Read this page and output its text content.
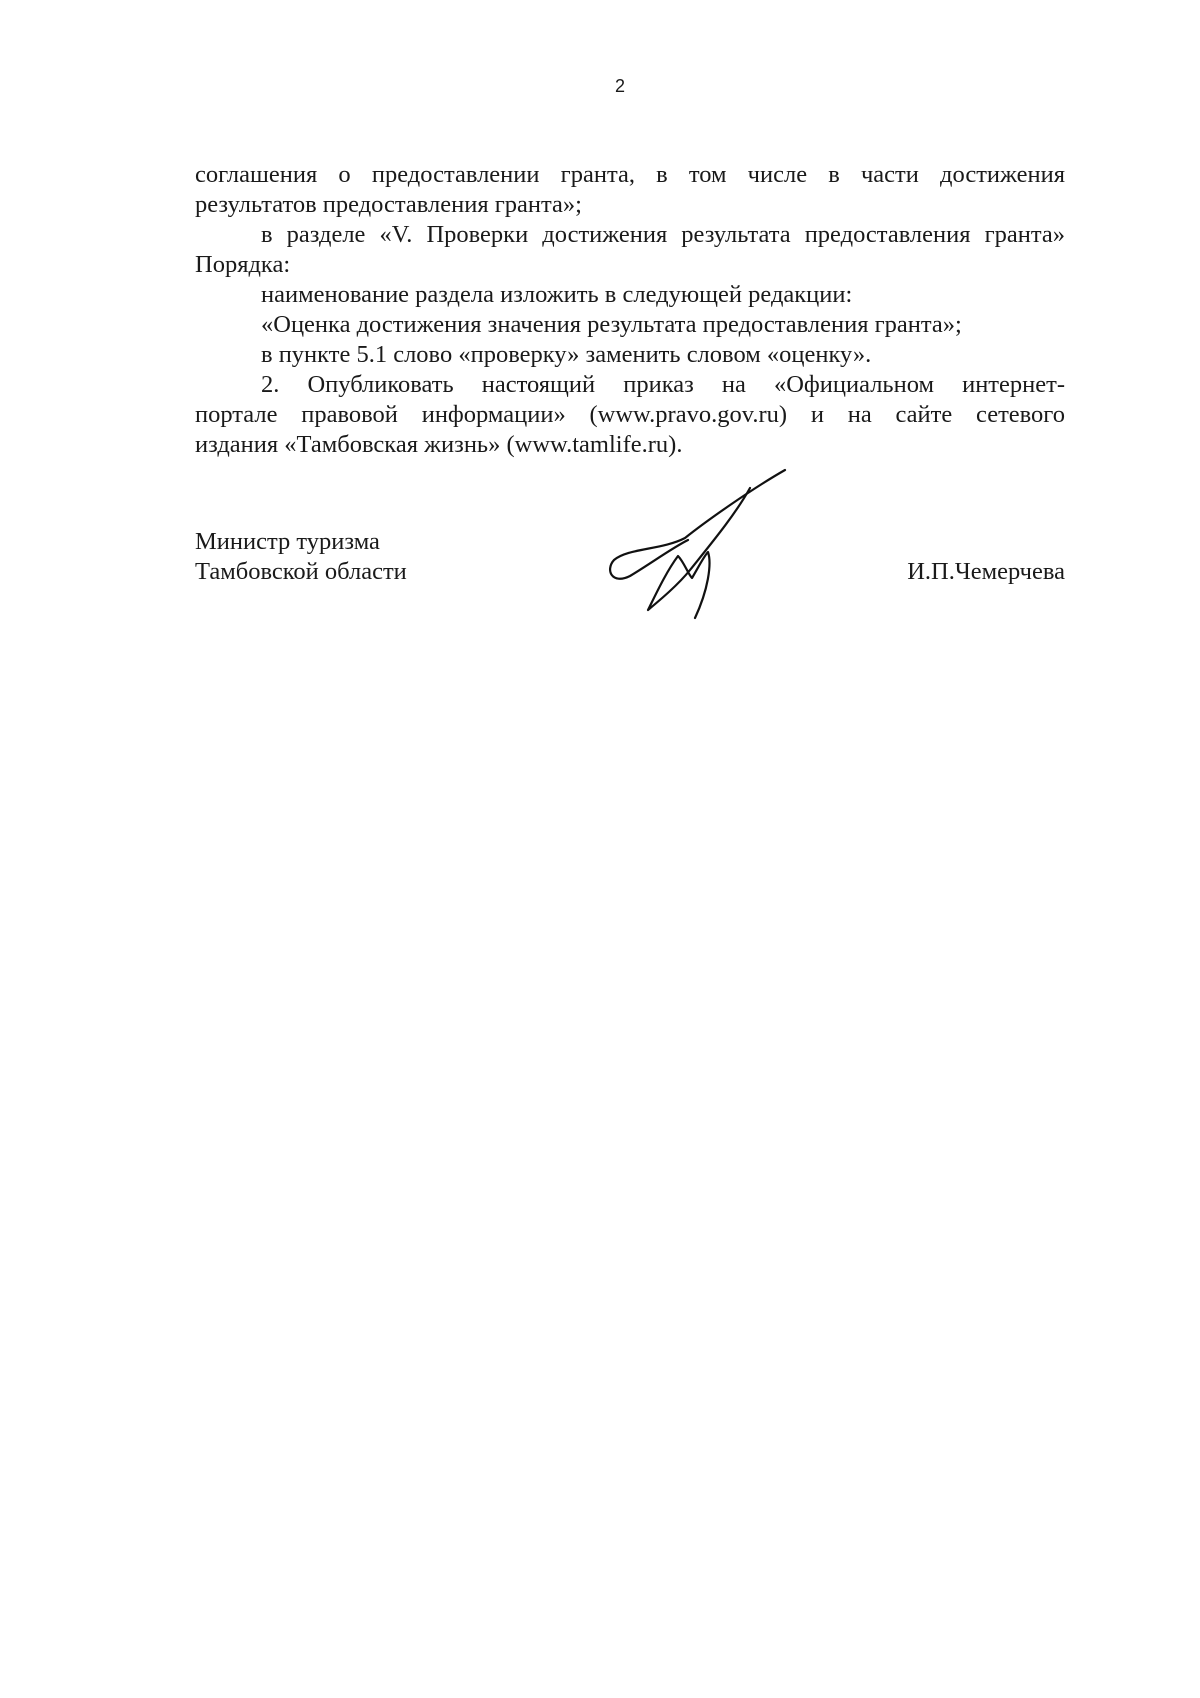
2

соглашения о предоставлении гранта, в том числе в части достижения

результатов предоставления гранта»;

в разделе «V. Проверки достижения результата предоставления гранта»

Порядка:

наименование раздела изложить в следующей редакции:

«Оценка достижения значения результата предоставления гранта»;

в пункте 5.1 слово «проверку» заменить словом «оценку».

2. Опубликовать настоящий приказ на «Официальном интернет-

портале правовой информации» (www.pravo.gov.ru) и на сайте сетевого

издания «Тамбовская жизнь» (www.tamlife.ru).

Министр туризма
Тамбовской области	И.П.Чемерчева
